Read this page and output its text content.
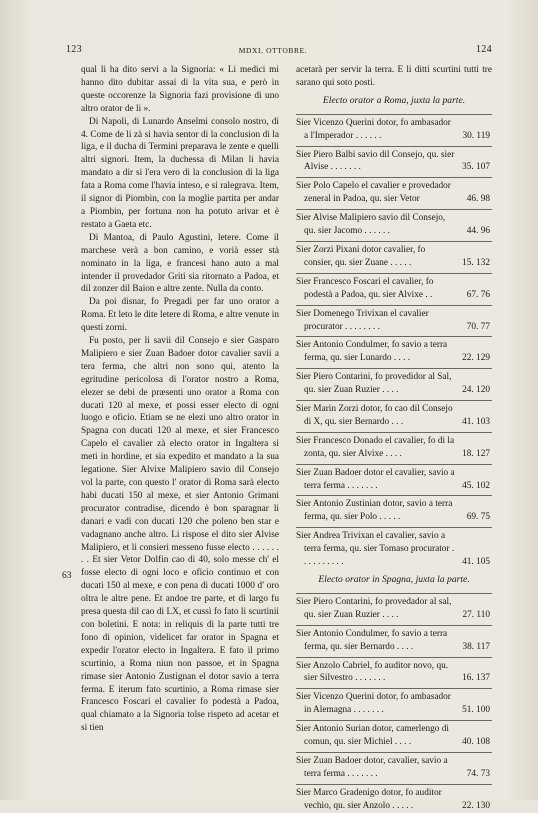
123	MDXI, OTTOBRE.	124
63

qual li ha dito servi a la Signoria: « Li medici mi hanno dito dubitar assai di la vita sua, e però in queste occorenze la Signoria fazi provisione di uno altro orator de li ».

Di Napoli, di Lunardo Anselmi consolo nostro, di 4. Come de li zà si havia sentor di la conclusion di la liga, e il ducha di Termini preparava le zente e quelli altri signori. Item, la duchessa di Milan li havia mandato a dir si l'era vero di la conclusion di la liga fata a Roma come l'havia inteso, e si ralegrava. Item, il signor di Piombin, con la moglie partita per andar a Piombin, per fortuna non ha potuto arivar et è restato a Gaeta etc.

Di Mantoa, di Paulo Agustini, letere. Come il marchese verà a bon camino, e vorià esser stà nominato in la liga, e francesi hano auto a mal intender il provedador Griti sia ritornato a Padoa, et dil zonzer dil Baion e altre zente. Nulla da conto.

Da poi disnar, fo Pregadi per far uno orator a Roma. Et leto le dite letere di Roma, e altre venute in questi zorni.

Fu posto, per li savii dil Consejo e sier Gasparo Malipiero e sier Zuan Badoer dotor cavalier savii a tera ferma, che altri non sono qui, atento la egritudine pericolosa di l'orator nostro a Roma, elezer se debi de præsenti uno orator a Roma con ducati 120 al mexe, et possi esser electo di ogni luogo e oficio. Etiam se ne elezi uno altro orator in Spagna con ducati 120 al mexe, et sier Francesco Capelo el cavalier zà electo orator in Ingaltera si meti in hordine, et sia expedito et mandato a la sua legatione. Sier Alvixe Malipiero savio dil Consejo vol la parte, con questo l' orator di Roma sarà electo habi ducati 150 al mexe, et sier Antonio Grimani procurator contradise, dicendo è bon sparagnar li danari e vadi con ducati 120 che poleno ben star e vadagnano anche altro. Li rispose el dito sier Alvise Malipiero, et li consieri messeno fusse electo . . . . . . . . Et sier Vetor Dolfin cao di 40, solo messe ch' el fosse electo di ogni loco e oficio continuo et con ducati 150 al mexe, e con pena di ducati 1000 d' oro oltra le altre pene. Et andoe tre parte, et di largo fu presa questa dil cao di LX, et cussì fo fato li scurtinii con boletini. E nota: in reliquis di la parte tutti tre fono di opinion, videlicet far orator in Spagna et expedir l'orator electo in Ingaltera. E fato il primo scurtinio, a Roma niun non passoe, et in Spagna rimase sier Antonio Zustignan el dotor savio a terra ferma. E iterum fato scurtinio, a Roma rimase sier Francesco Foscari el cavalier fo podestà a Padoa, qual chiamato a la Signoria tolse rispeto ad acetar et si tien

acetarà per servir la terra. E li ditti scurtini tutti tre sarano qui soto posti.

Electo orator a Roma, juxta la parte.
Sier Vicenzo Querini dotor, fo ambasador a l'Imperador . . . . . .	30. 119
Sier Piero Balbi savio dil Consejo, qu. sier Alvise . . . . . . .	35. 107
Sier Polo Capelo el cavalier e provedador zeneral in Padoa, qu. sier Vetor	46. 98
Sier Alvise Malipiero savio dil Consejo, qu. sier Jacomo . . . . . .	44. 96
Sier Zorzi Pixani dotor cavalier, fo consier, qu. sier Zuane . . . . .	15. 132
Sier Francesco Foscari el cavalier, fo podestà a Padoa, qu. sier Alvixe . .	67. 76
Sier Domenego Trivixan el cavalier procurator . . . . . . . .	70. 77
Sier Antonio Condulmer, fo savio a terra ferma, qu. sier Lunardo . . . .	22. 129
Sier Piero Contarini, fo provedidor al Sal, qu. sier Zuan Ruzier . . . .	24. 120
Sier Marin Zorzi dotor, fo cao dil Consejo di X, qu. sier Bernardo . . .	41. 103
Sier Francesco Donado el cavalier, fo di la zonta, qu. sier Alvixe . . . .	18. 127
Sier Zuan Badoer dotor el cavalier, savio a terra ferma . . . . . . .	45. 102
Sier Antonio Zustinian dotor, savio a terra ferma, qu. sier Polo . . . . .	69. 75
Sier Andrea Trivixan el cavalier, savio a terra ferma, qu. sier Tomaso procurator . . . . . . . . . .	41. 105
Electo orator in Spagna, juxta la parte.
Sier Piero Contarini, fo provedador al sal, qu. sier Zuan Ruzier . . . .	27. 110
Sier Antonio Condulmer, fo savio a terra ferma, qu. sier Bernardo . . . .	38. 117
Sier Anzolo Cabriel, fo auditor novo, qu. sier Silvestro . . . . . . .	16. 137
Sier Vicenzo Querini dotor, fo ambasador in Alemagna . . . . . . .	51. 100
Sier Antonio Surian dotor, camerlengo di comun, qu. sier Michiel . . . .	40. 108
Sier Zuan Badoer dotor, cavalier, savio a terra ferma . . . . . . .	74. 73
Sier Marco Gradenigo dotor, fo auditor vechio, qu. sier Anzolo . . . . .	22. 130
